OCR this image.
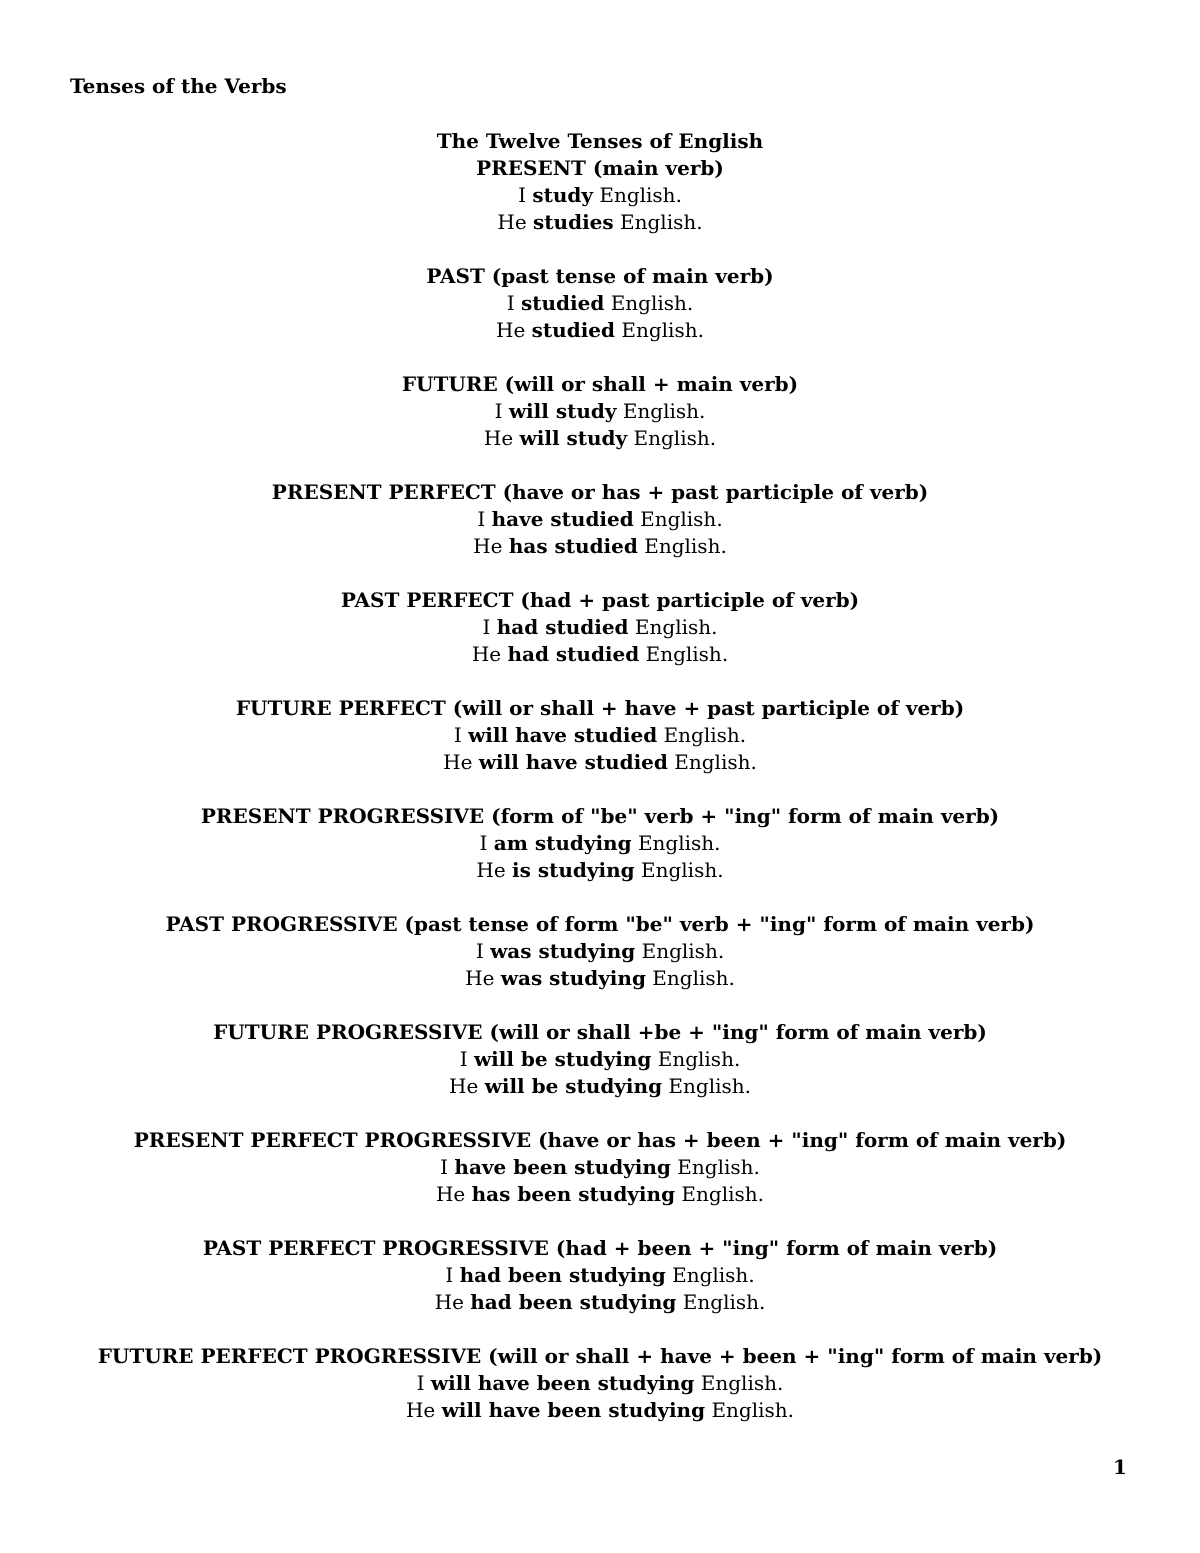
Tenses of the Verbs

The Twelve Tenses of English

PRESENT (main verb)

I study English.

He studies English.

PAST (past tense of main verb)

I studied English.

He studied English.

FUTURE (will or shall + main verb)

I will study English.

He will study English.

PRESENT PERFECT (have or has + past participle of verb)

I have studied English.

He has studied English.

PAST PERFECT (had + past participle of verb)

I had studied English.

He had studied English.

FUTURE PERFECT (will or shall + have + past participle of verb)

I will have studied English.

He will have studied English.

PRESENT PROGRESSIVE (form of "be" verb + "ing" form of main verb)

I am studying English.

He is studying English.

PAST PROGRESSIVE (past tense of form "be" verb + "ing" form of main verb)

I was studying English.

He was studying English.

FUTURE PROGRESSIVE (will or shall +be + "ing" form of main verb)

I will be studying English.

He will be studying English.

PRESENT PERFECT PROGRESSIVE (have or has + been + "ing" form of main verb)

I have been studying English.

He has been studying English.

PAST PERFECT PROGRESSIVE (had + been + "ing" form of main verb)

I had been studying English.

He had been studying English.

FUTURE PERFECT PROGRESSIVE (will or shall + have + been + "ing" form of main verb)

I will have been studying English.

He will have been studying English.

1
